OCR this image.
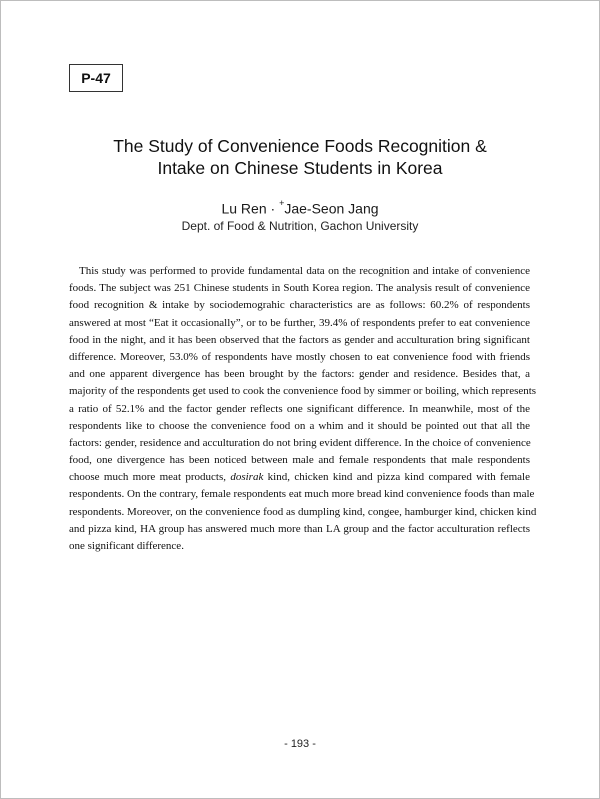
P-47
The Study of Convenience Foods Recognition &
Intake on Chinese Students in Korea
Lu Ren · +Jae-Seon Jang
Dept. of Food & Nutrition, Gachon University
This study was performed to provide fundamental data on the recognition and intake of convenience
foods. The subject was 251 Chinese students in South Korea region. The analysis result of convenience
food recognition & intake by sociodemograhic characteristics are as follows: 60.2% of respondents
answered at most “Eat it occasionally”, or to be further, 39.4% of respondents prefer to eat convenience
food in the night, and it has been observed that the factors as gender and acculturation bring significant
difference. Moreover, 53.0% of respondents have mostly chosen to eat convenience food with friends
and one apparent divergence has been brought by the factors: gender and residence. Besides that, a
majority of the respondents get used to cook the convenience food by simmer or boiling, which represents
a ratio of 52.1% and the factor gender reflects one significant difference. In meanwhile, most of the
respondents like to choose the convenience food on a whim and it should be pointed out that all the
factors: gender, residence and acculturation do not bring evident difference. In the choice of convenience
food, one divergence has been noticed between male and female respondents that male respondents
choose much more meat products, dosirak kind, chicken kind and pizza kind compared with female
respondents. On the contrary, female respondents eat much more bread kind convenience foods than male
respondents. Moreover, on the convenience food as dumpling kind, congee, hamburger kind, chicken kind
and pizza kind, HA group has answered much more than LA group and the factor acculturation reflects
one significant difference.
- 193 -
